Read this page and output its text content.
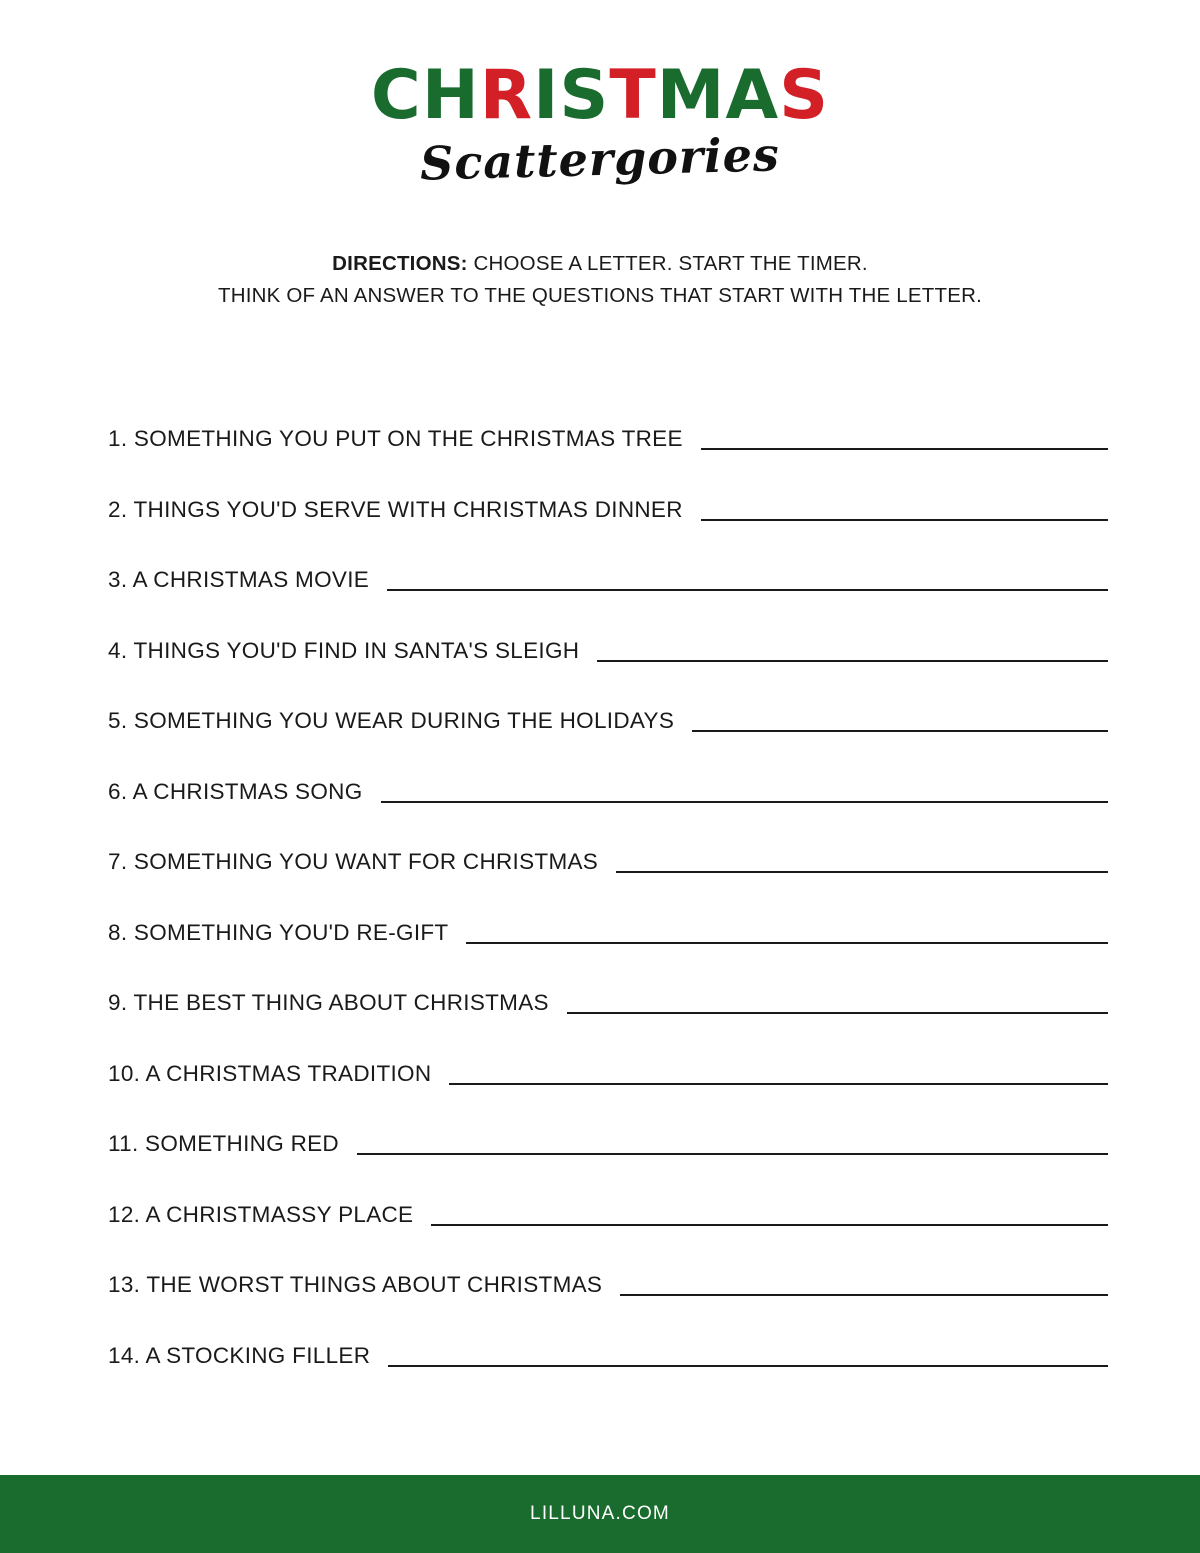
CHRISTMAS
Scattergories
DIRECTIONS: CHOOSE A LETTER. START THE TIMER.
THINK OF AN ANSWER TO THE QUESTIONS THAT START WITH THE LETTER.
1. SOMETHING YOU PUT ON THE CHRISTMAS TREE
2. THINGS YOU'D SERVE WITH CHRISTMAS DINNER
3. A CHRISTMAS MOVIE
4. THINGS YOU'D FIND IN SANTA'S SLEIGH
5. SOMETHING YOU WEAR DURING THE HOLIDAYS
6. A CHRISTMAS SONG
7. SOMETHING YOU WANT FOR CHRISTMAS
8. SOMETHING YOU'D RE-GIFT
9. THE BEST THING ABOUT CHRISTMAS
10. A CHRISTMAS TRADITION
11. SOMETHING RED
12. A CHRISTMASSY PLACE
13. THE WORST THINGS ABOUT CHRISTMAS
14. A STOCKING FILLER
LILLUNA.COM
